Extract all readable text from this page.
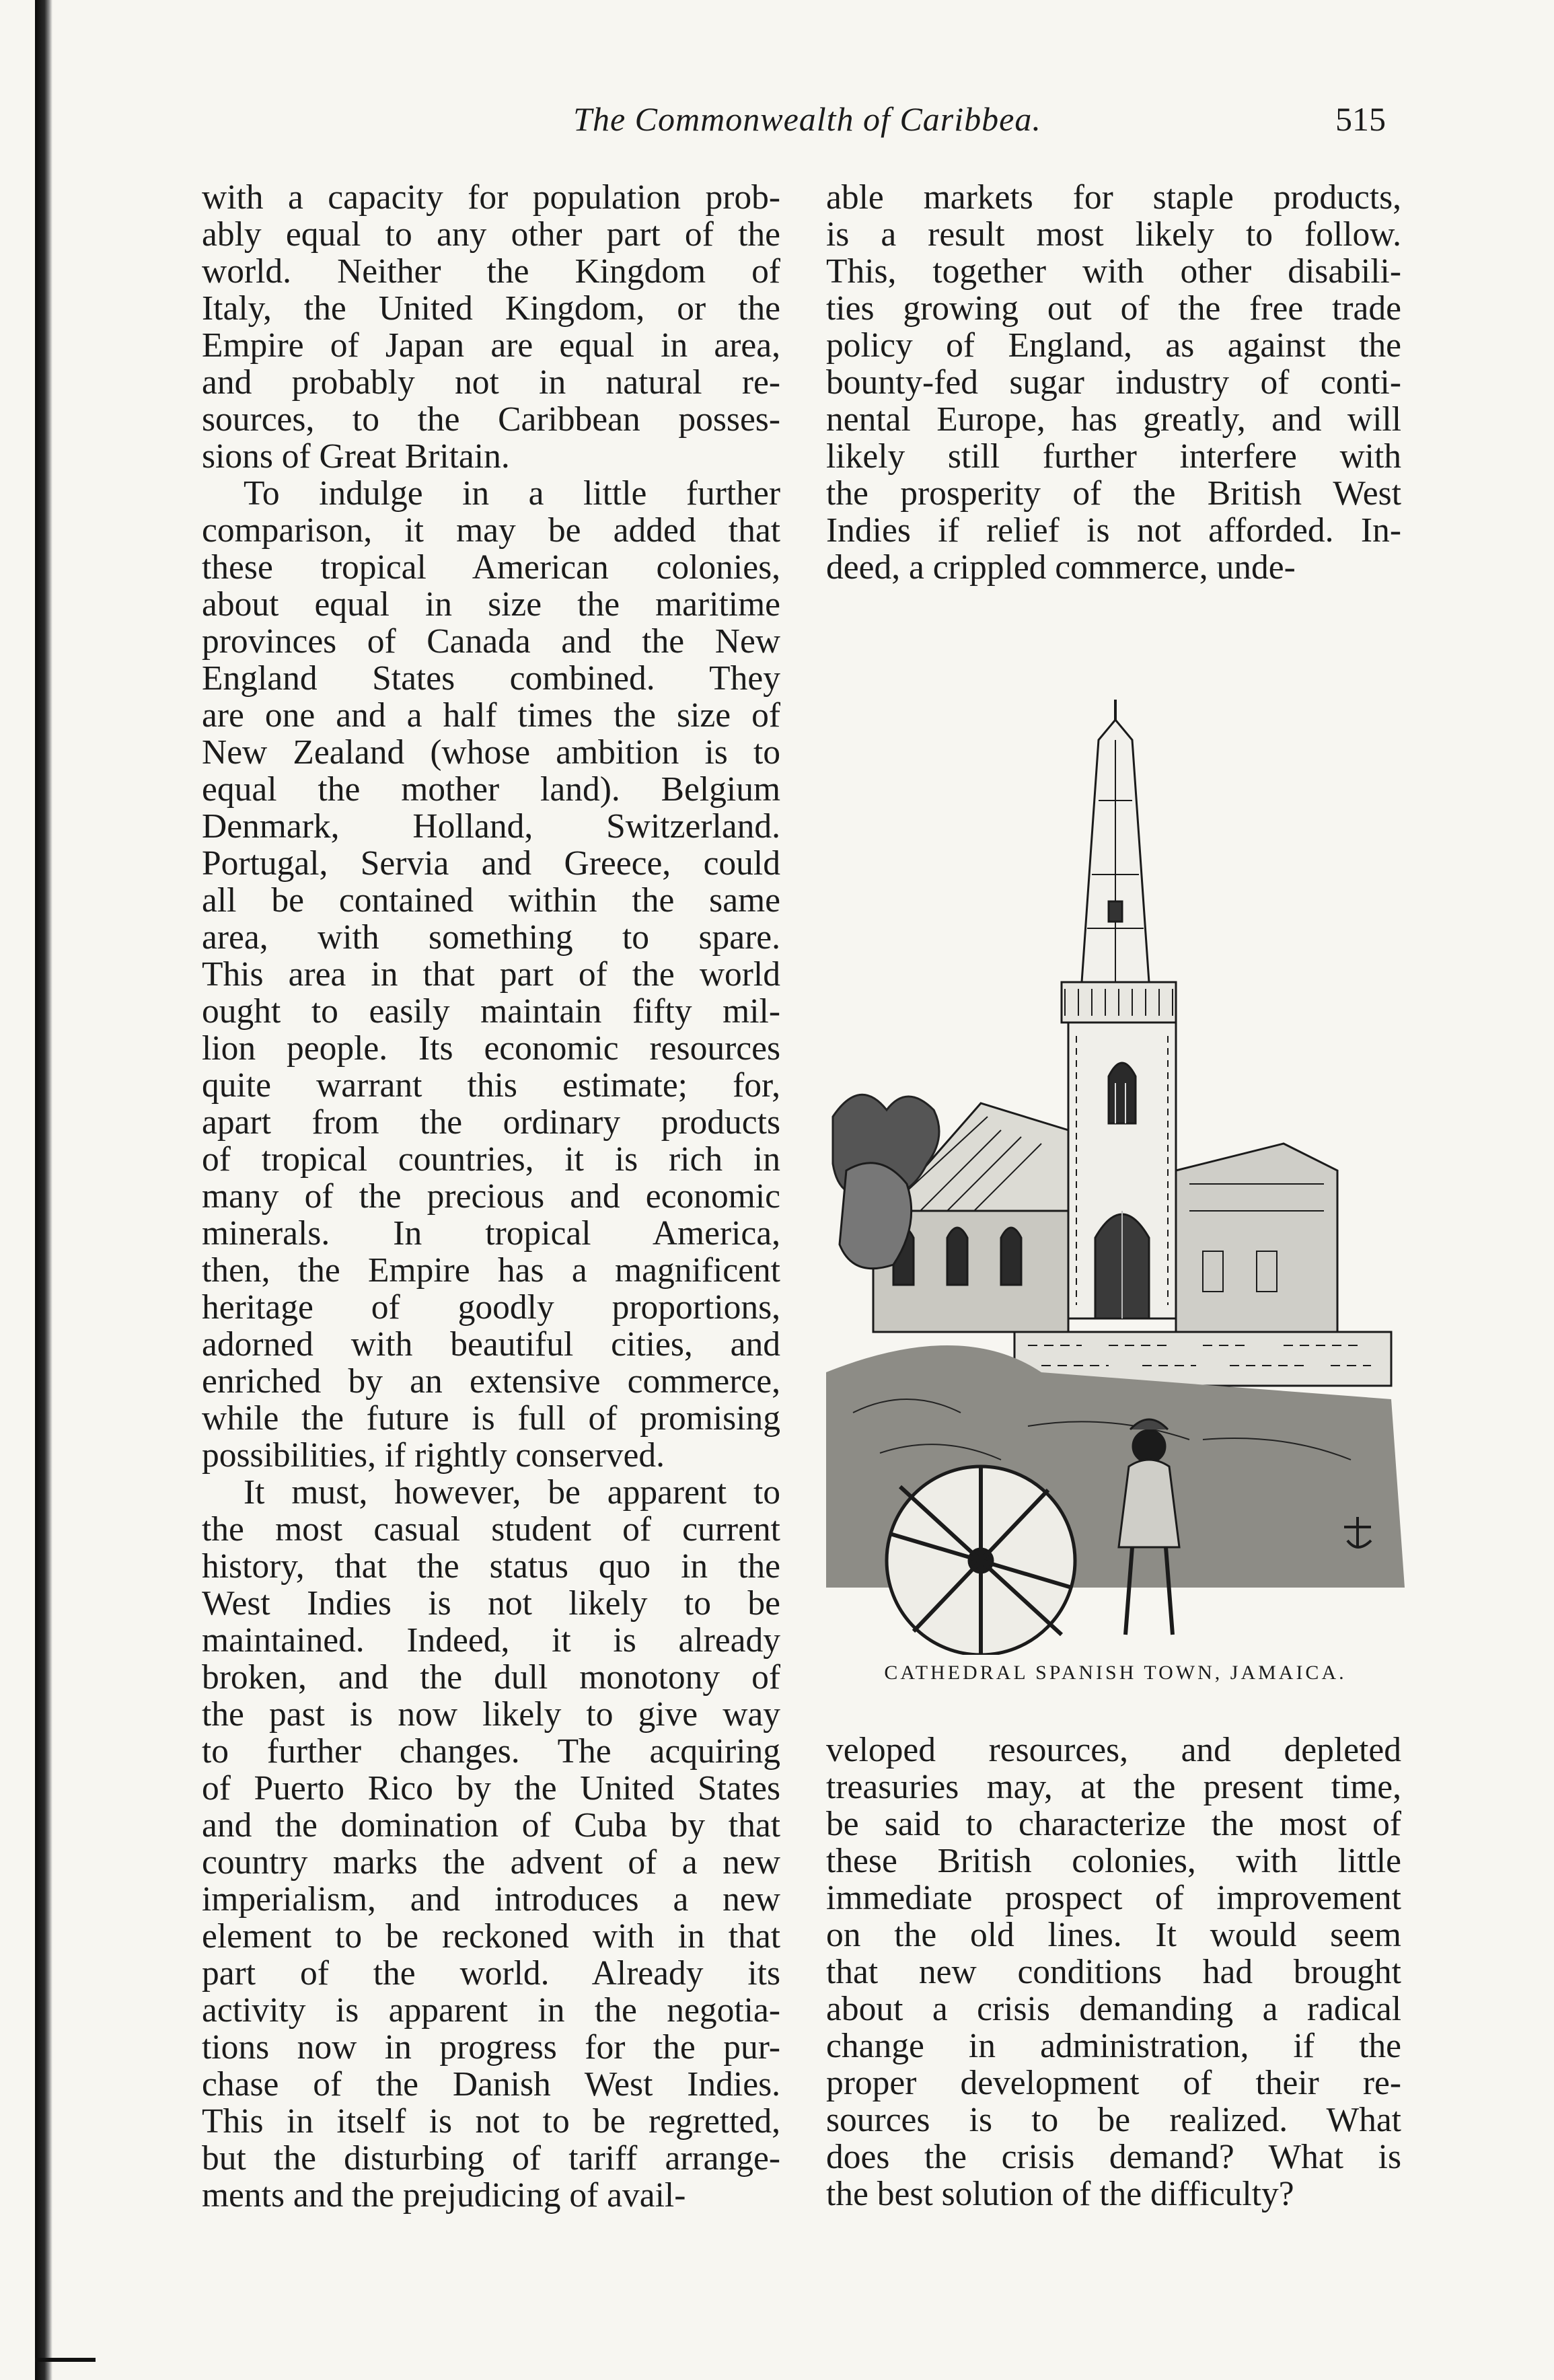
The Commonwealth of Caribbea.	515
with a capacity for population prob-
ably equal to any other part of the
world. Neither the Kingdom of
Italy, the United Kingdom, or the
Empire of Japan are equal in area,
and probably not in natural re-
sources, to the Caribbean posses-
sions of Great Britain.
To indulge in a little further
comparison, it may be added that
these tropical American colonies,
about equal in size the maritime
provinces of Canada and the New
England States combined. They
are one and a half times the size of
New Zealand (whose ambition is to
equal the mother land). Belgium
Denmark, Holland, Switzerland.
Portugal, Servia and Greece, could
all be contained within the same
area, with something to spare.
This area in that part of the world
ought to easily maintain fifty mil-
lion people. Its economic resources
quite warrant this estimate; for,
apart from the ordinary products
of tropical countries, it is rich in
many of the precious and economic
minerals. In tropical America,
then, the Empire has a magnificent
heritage of goodly proportions,
adorned with beautiful cities, and
enriched by an extensive commerce,
while the future is full of promising
possibilities, if rightly conserved.
It must, however, be apparent to
the most casual student of current
history, that the status quo in the
West Indies is not likely to be
maintained. Indeed, it is already
broken, and the dull monotony of
the past is now likely to give way
to further changes. The acquiring
of Puerto Rico by the United States
and the domination of Cuba by that
country marks the advent of a new
imperialism, and introduces a new
element to be reckoned with in that
part of the world. Already its
activity is apparent in the negotia-
tions now in progress for the pur-
chase of the Danish West Indies.
This in itself is not to be regretted,
but the disturbing of tariff arrange-
ments and the prejudicing of avail-
able markets for staple products,
is a result most likely to follow.
This, together with other disabili-
ties growing out of the free trade
policy of England, as against the
bounty-fed sugar industry of conti-
nental Europe, has greatly, and will
likely still further interfere with
the prosperity of the British West
Indies if relief is not afforded. In-
deed, a crippled commerce, unde-
CATHEDRAL SPANISH TOWN, JAMAICA.
veloped resources, and depleted
treasuries may, at the present time,
be said to characterize the most of
these British colonies, with little
immediate prospect of improvement
on the old lines. It would seem
that new conditions had brought
about a crisis demanding a radical
change in administration, if the
proper development of their re-
sources is to be realized. What
does the crisis demand? What is
the best solution of the difficulty?
